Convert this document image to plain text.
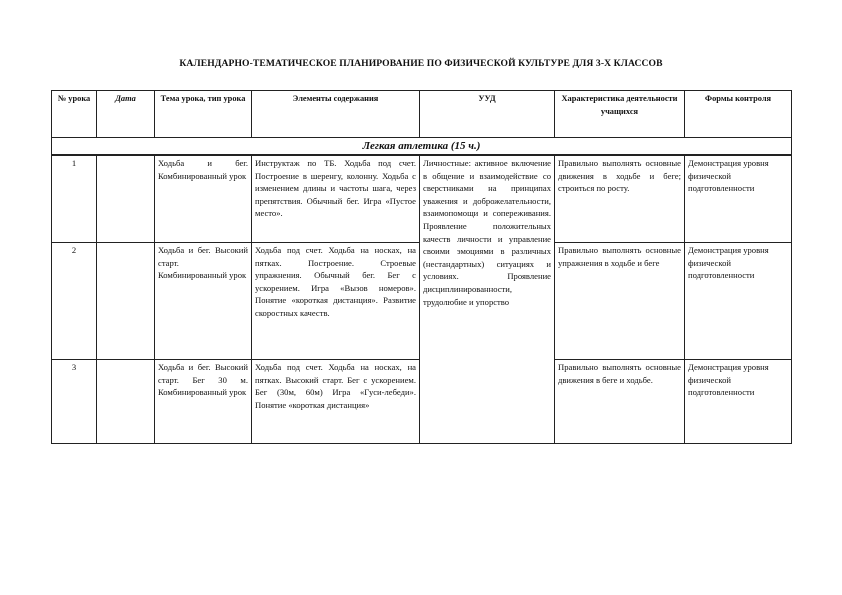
КАЛЕНДАРНО-ТЕМАТИЧЕСКОЕ ПЛАНИРОВАНИЕ ПО ФИЗИЧЕСКОЙ КУЛЬТУРЕ ДЛЯ 3-Х КЛАССОВ
№ урока	Дата	Тема урока, тип урока	Элементы содержания	УУД	Характеристика деятельности учащихся	Формы контроля
Легкая атлетика (15 ч.)						
1		Ходьба и бег. Комбинированный урок	Инструктаж по ТБ. Ходьба под счет. Построение в шеренгу, колонну. Ходьба с изменением длины и частоты шага, через препятствия. Обычный бег. Игра «Пустое место».	Личностные: активное включение в общение и взаимодействие со сверстниками на принципах уважения и доброжелательности, взаимопомощи и сопереживания. Проявление положительных качеств личности и управление своими эмоциями в различных (нестандартных) ситуациях и условиях. Проявление дисциплинированности, трудолюбие и упорство	Правильно выполнять основные движения в ходьбе и беге; строиться по росту.	Демонстрация уровня физической подготовленности
2		Ходьба и бег. Высокий старт. Комбинированный урок	Ходьба под счет. Ходьба на носках, на пятках. Построение. Строевые упражнения. Обычный бег. Бег с ускорением. Игра «Вызов номеров». Понятие «короткая дистанция». Развитие скоростных качеств.		Правильно выполнять основные упражнения в ходьбе и беге	Демонстрация уровня физической подготовленности
3		Ходьба и бег. Высокий старт. Бег 30 м. Комбинированный урок	Ходьба под счет. Ходьба на носках, на пятках. Высокий старт. Бег с ускорением. Бег (30м, 60м) Игра «Гуси-лебеди». Понятие «короткая дистанция»		Правильно выполнять основные движения в беге и ходьбе.	Демонстрация уровня физической подготовленности
